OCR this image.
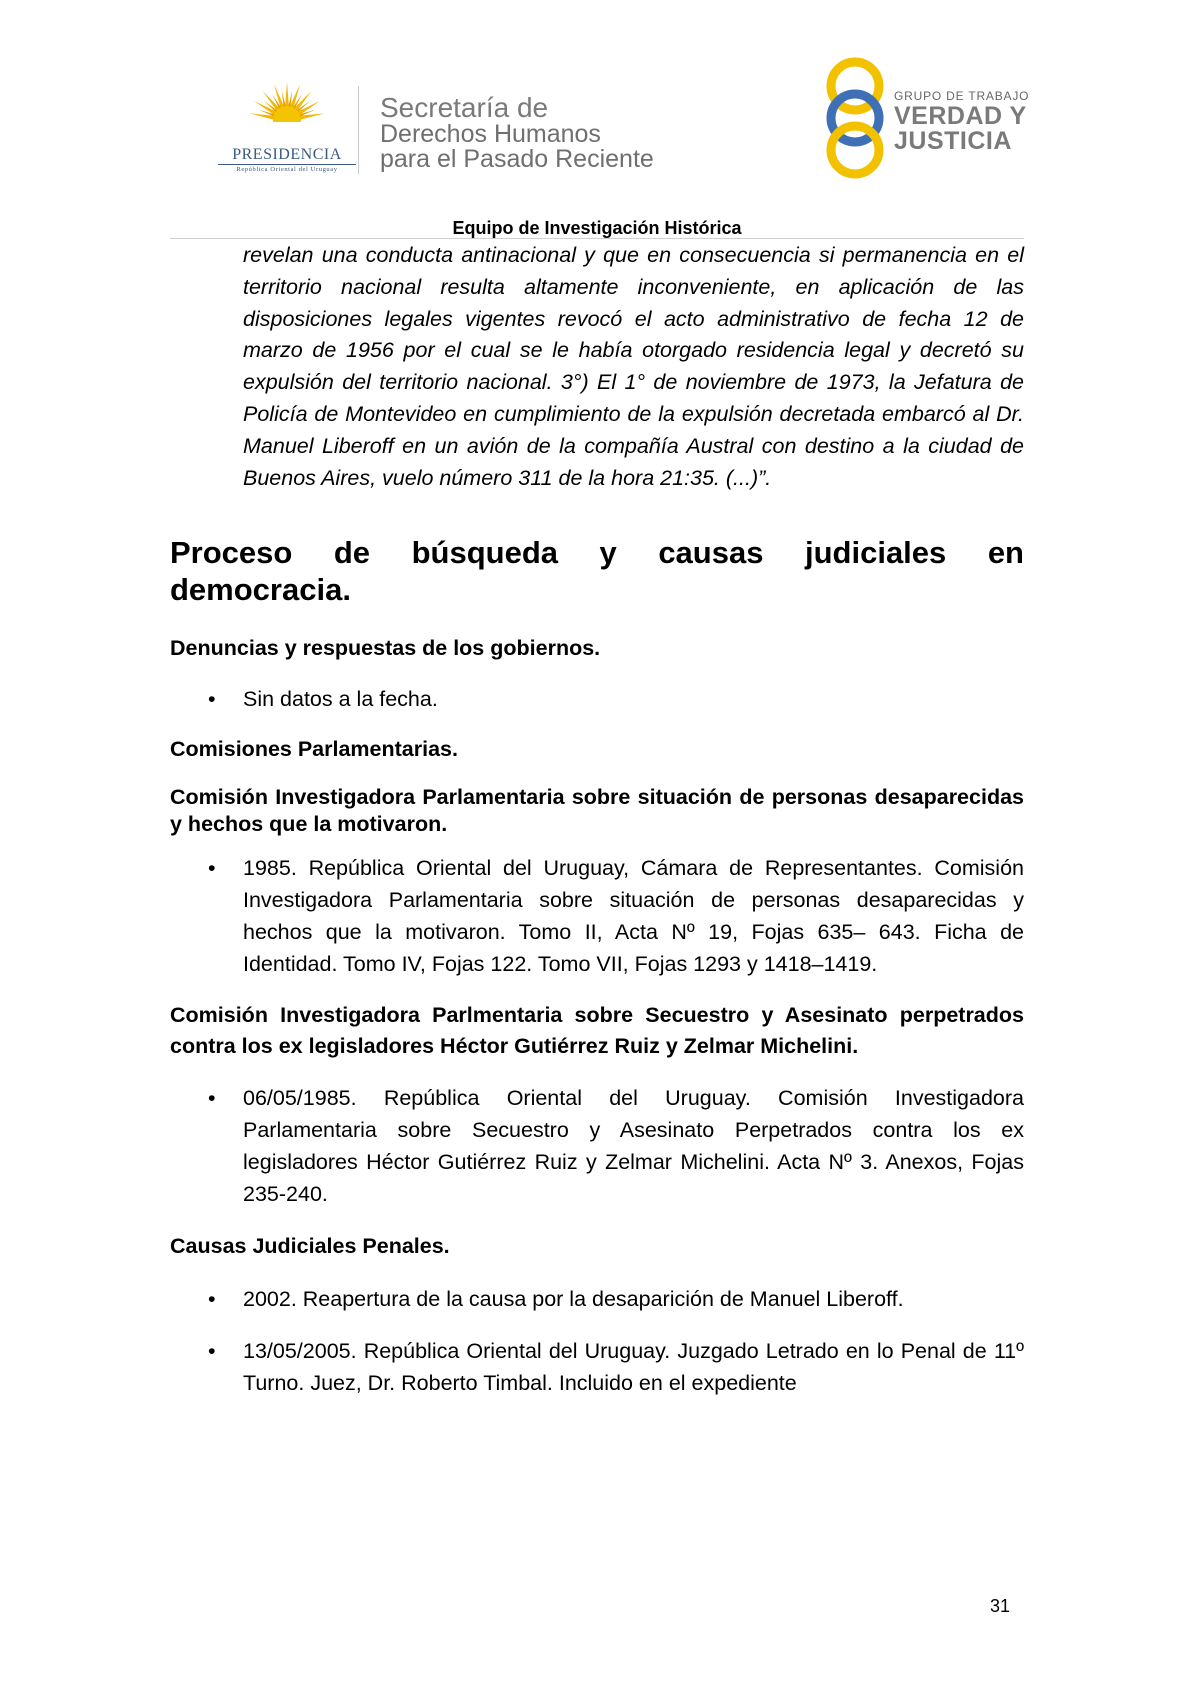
PRESIDENCIA
República Oriental del Uruguay
Secretaría de
Derechos Humanos
para el Pasado Reciente
GRUPO DE TRABAJO
VERDAD Y
JUSTICIA
Equipo de Investigación Histórica
revelan una conducta antinacional y que en consecuencia si permanencia en el territorio nacional resulta altamente inconveniente, en aplicación de las disposiciones legales vigentes revocó el acto administrativo de fecha 12 de marzo de 1956 por el cual se le había otorgado residencia legal y decretó su expulsión del territorio nacional. 3°) El 1° de noviembre de 1973, la Jefatura de Policía de Montevideo en cumplimiento de la expulsión decretada embarcó al Dr. Manuel Liberoff en un avión de la compañía Austral con destino a la ciudad de Buenos Aires, vuelo número 311 de la hora 21:35. (...)”.
Proceso de búsqueda y causas judiciales en
democracia.
Denuncias y respuestas de los gobiernos.
• Sin datos a la fecha.
Comisiones Parlamentarias.
Comisión Investigadora Parlamentaria sobre situación de personas desaparecidas y hechos que la motivaron.
• 1985. República Oriental del Uruguay, Cámara de Representantes. Comisión Investigadora Parlamentaria sobre situación de personas desaparecidas y hechos que la motivaron. Tomo II, Acta Nº 19, Fojas 635– 643. Ficha de Identidad. Tomo IV, Fojas 122. Tomo VII, Fojas 1293 y 1418–1419.
Comisión Investigadora Parlmentaria sobre Secuestro y Asesinato perpetrados contra los ex legisladores Héctor Gutiérrez Ruiz y Zelmar Michelini.
• 06/05/1985. República Oriental del Uruguay. Comisión Investigadora Parlamentaria sobre Secuestro y Asesinato Perpetrados contra los ex legisladores Héctor Gutiérrez Ruiz y Zelmar Michelini. Acta Nº 3. Anexos, Fojas 235-240.
Causas Judiciales Penales.
• 2002. Reapertura de la causa por la desaparición de Manuel Liberoff.
• 13/05/2005. República Oriental del Uruguay. Juzgado Letrado en lo Penal de 11º Turno. Juez, Dr. Roberto Timbal. Incluido en el expediente
31
